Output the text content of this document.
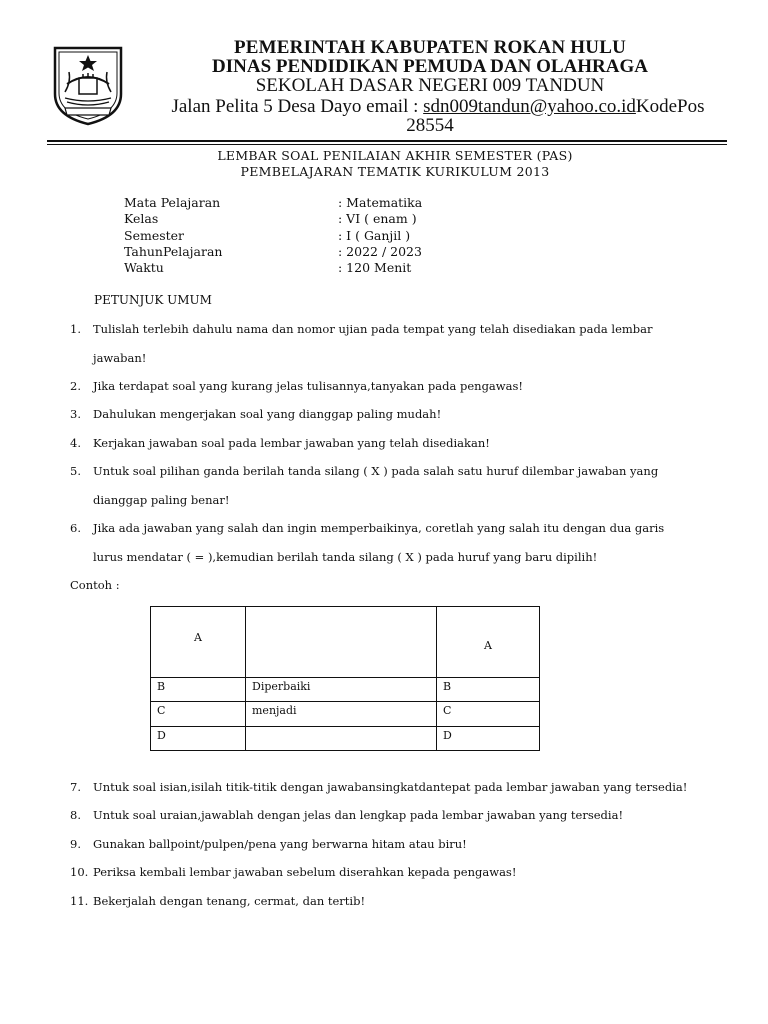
PEMERINTAH KABUPATEN ROKAN HULU
DINAS PENDIDIKAN PEMUDA DAN OLAHRAGA
SEKOLAH DASAR NEGERI 009 TANDUN
Jalan Pelita 5 Desa Dayo email : sdn009tandun@yahoo.co.idKodePos
28554
LEMBAR SOAL PENILAIAN AKHIR SEMESTER (PAS)
PEMBELAJARAN TEMATIK KURIKULUM 2013
Mata Pelajaran	: Matematika
Kelas	: VI ( enam )
Semester	: I ( Ganjil )
TahunPelajaran	: 2022 / 2023
Waktu	: 120 Menit
PETUNJUK UMUM
1. Tulislah terlebih dahulu nama dan nomor ujian pada tempat yang telah disediakan pada lembar
jawaban!
2. Jika terdapat soal yang kurang jelas tulisannya,tanyakan pada pengawas!
3. Dahulukan mengerjakan soal yang dianggap paling mudah!
4. Kerjakan jawaban soal pada lembar jawaban yang telah disediakan!
5. Untuk soal pilihan ganda berilah tanda silang ( X ) pada salah satu huruf dilembar jawaban yang
dianggap paling benar!
6. Jika ada jawaban yang salah dan ingin memperbaikinya, coretlah yang salah itu dengan dua garis
lurus mendatar ( = ),kemudian berilah tanda silang ( X ) pada huruf yang baru dipilih!
Contoh :
A		A
B	Diperbaiki	B
C	menjadi	C
D		D
7. Untuk soal isian,isilah titik-titik dengan jawabansingkatdantepat pada lembar jawaban yang tersedia!
8. Untuk soal uraian,jawablah dengan jelas dan lengkap pada lembar jawaban yang tersedia!
9. Gunakan ballpoint/pulpen/pena yang berwarna hitam atau biru!
10. Periksa kembali lembar jawaban sebelum diserahkan kepada pengawas!
11. Bekerjalah dengan tenang, cermat, dan tertib!
